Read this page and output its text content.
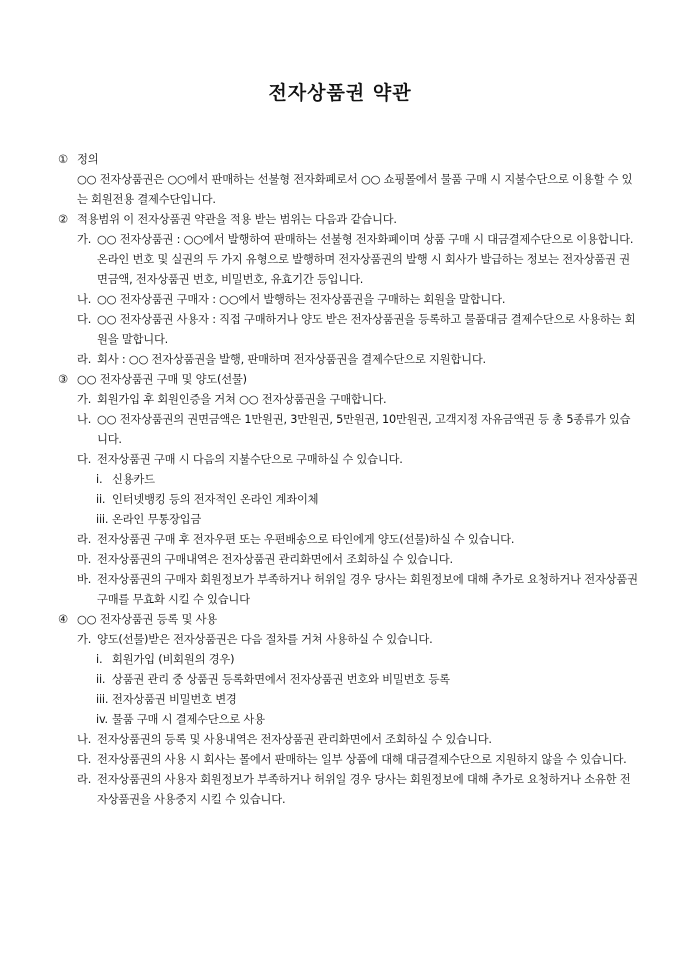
전자상품권 약관
① 정의
○○ 전자상품권은 ○○에서 판매하는 선불형 전자화폐로서 ○○ 쇼핑몰에서 물품 구매 시 지불수단으로 이용할 수 있는 회원전용 결제수단입니다.
② 적용범위 이 전자상품권 약관을 적용 받는 범위는 다음과 같습니다.
가. ○○ 전자상품권 : ○○에서 발행하여 판매하는 선불형 전자화폐이며 상품 구매 시 대금결제수단으로 이용합니다. 온라인 번호 및 실권의 두 가지 유형으로 발행하며 전자상품권의 발행 시 회사가 발급하는 정보는 전자상품권 권면금액, 전자상품권 번호, 비밀번호, 유효기간 등입니다.
나. ○○ 전자상품권 구매자 : ○○에서 발행하는 전자상품권을 구매하는 회원을 말합니다.
다. ○○ 전자상품권 사용자 : 직접 구매하거나 양도 받은 전자상품권을 등록하고 물품대금 결제수단으로 사용하는 회원을 말합니다.
라. 회사 : ○○ 전자상품권을 발행, 판매하며 전자상품권을 결제수단으로 지원합니다.
③ ○○ 전자상품권 구매 및 양도(선물)
가. 회원가입 후 회원인증을 거쳐 ○○ 전자상품권을 구매합니다.
나. ○○ 전자상품권의 권면금액은 1만원권, 3만원권, 5만원권, 10만원권, 고객지정 자유금액권 등 총 5종류가 있습니다.
다. 전자상품권 구매 시 다음의 지불수단으로 구매하실 수 있습니다.
i. 신용카드
ii. 인터넷뱅킹 등의 전자적인 온라인 계좌이체
iii. 온라인 무통장입금
라. 전자상품권 구매 후 전자우편 또는 우편배송으로 타인에게 양도(선물)하실 수 있습니다.
마. 전자상품권의 구매내역은 전자상품권 관리화면에서 조회하실 수 있습니다.
바. 전자상품권의 구매자 회원정보가 부족하거나 허위일 경우 당사는 회원정보에 대해 추가로 요청하거나 전자상품권 구매를 무효화 시킬 수 있습니다
④ ○○ 전자상품권 등록 및 사용
가. 양도(선물)받은 전자상품권은 다음 절차를 거쳐 사용하실 수 있습니다.
i. 회원가입 (비회원의 경우)
ii. 상품권 관리 중 상품권 등록화면에서 전자상품권 번호와 비밀번호 등록
iii. 전자상품권 비밀번호 변경
iv. 물품 구매 시 결제수단으로 사용
나. 전자상품권의 등록 및 사용내역은 전자상품권 관리화면에서 조회하실 수 있습니다.
다. 전자상품권의 사용 시 회사는 몰에서 판매하는 일부 상품에 대해 대금결제수단으로 지원하지 않을 수 있습니다.
라. 전자상품권의 사용자 회원정보가 부족하거나 허위일 경우 당사는 회원정보에 대해 추가로 요청하거나 소유한 전자상품권을 사용중지 시킬 수 있습니다.
